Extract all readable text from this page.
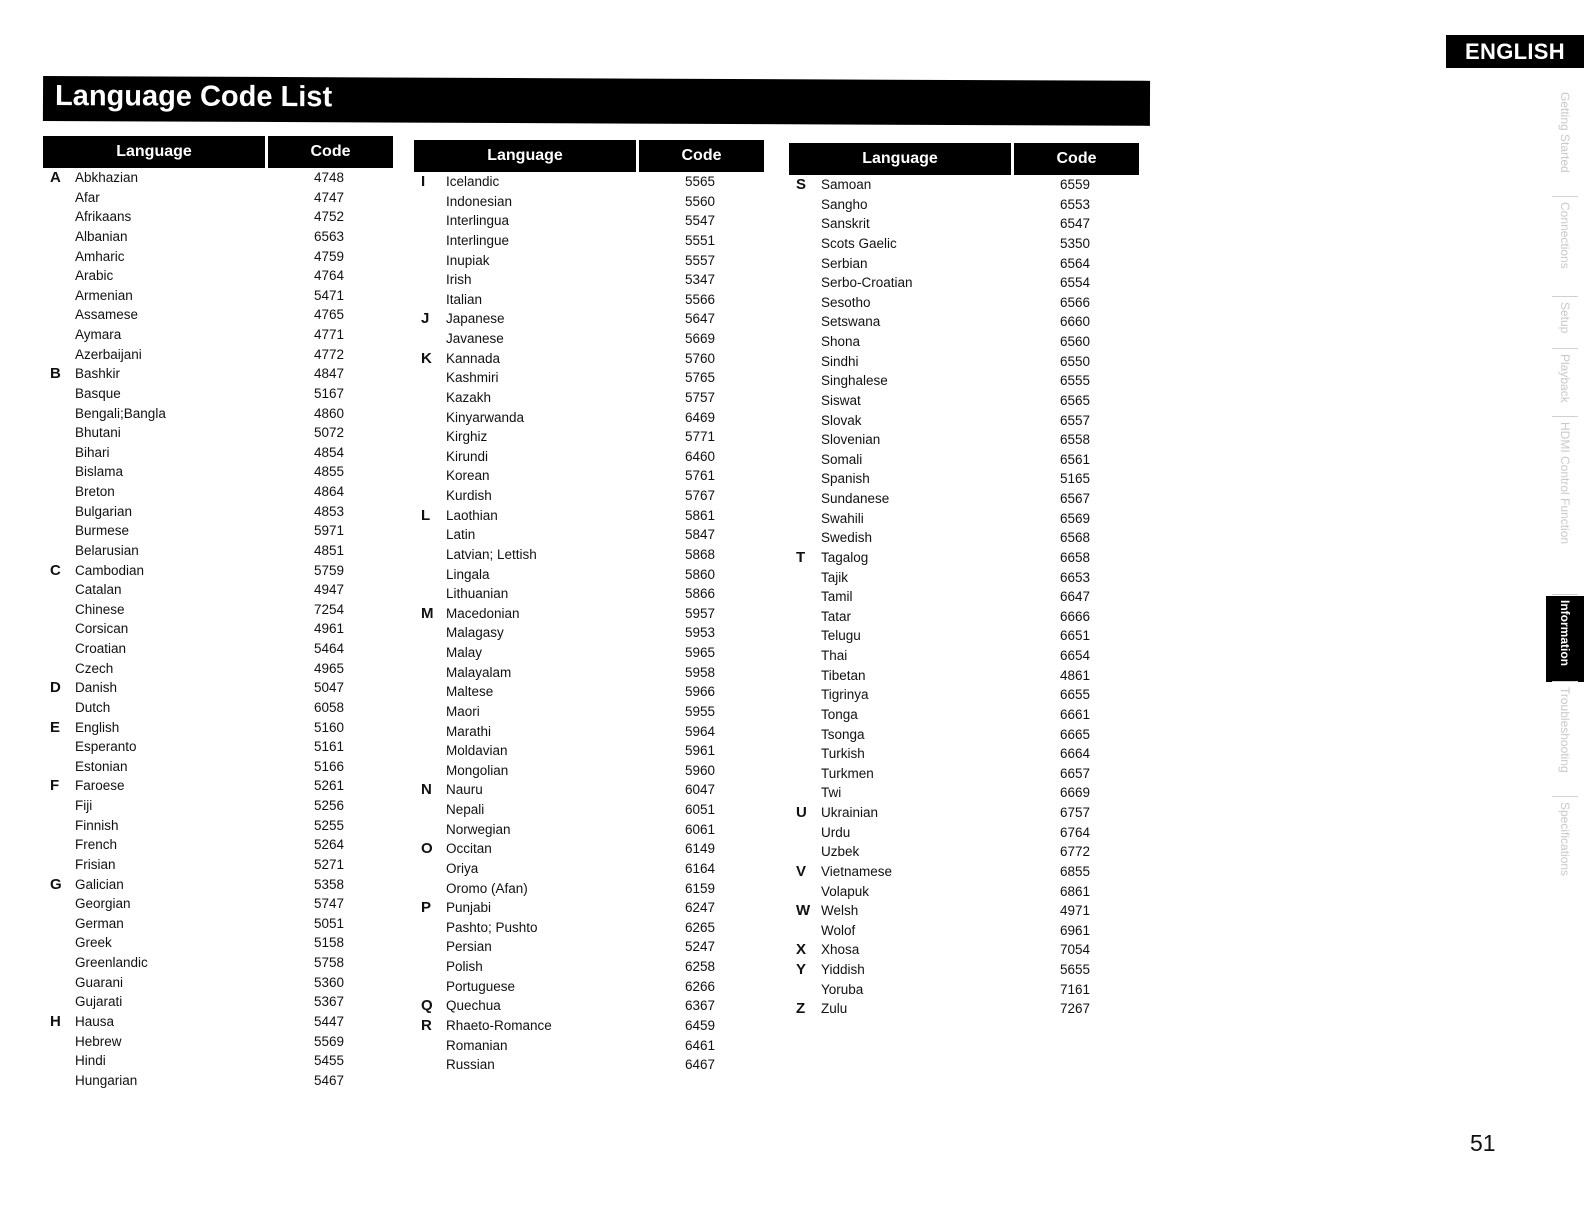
ENGLISH
Language Code List
Language	Code
A	Abkhazian	4748
Afar	4747
Afrikaans	4752
Albanian	6563
Amharic	4759
Arabic	4764
Armenian	5471
Assamese	4765
Aymara	4771
Azerbaijani	4772
B	Bashkir	4847
Basque	5167
Bengali;Bangla	4860
Bhutani	5072
Bihari	4854
Bislama	4855
Breton	4864
Bulgarian	4853
Burmese	5971
Belarusian	4851
C	Cambodian	5759
Catalan	4947
Chinese	7254
Corsican	4961
Croatian	5464
Czech	4965
D	Danish	5047
Dutch	6058
E	English	5160
Esperanto	5161
Estonian	5166
F	Faroese	5261
Fiji	5256
Finnish	5255
French	5264
Frisian	5271
G Galician	5358
Georgian	5747
German	5051
Greek	5158
Greenlandic	5758
Guarani	5360
Gujarati	5367
H	Hausa	5447
Hebrew	5569
Hindi	5455
Hungarian	5467
Language	Code
I	Icelandic	5565
Indonesian	5560
Interlingua	5547
Interlingue	5551
Inupiak	5557
Irish	5347
Italian	5566
J	Japanese	5647
Javanese	5669
K	Kannada	5760
Kashmiri	5765
Kazakh	5757
Kinyarwanda	6469
Kirghiz	5771
Kirundi	6460
Korean	5761
Kurdish	5767
L	Laothian	5861
Latin	5847
Latvian; Lettish	5868
Lingala	5860
Lithuanian	5866
M Macedonian	5957
Malagasy	5953
Malay	5965
Malayalam	5958
Maltese	5966
Maori	5955
Marathi	5964
Moldavian	5961
Mongolian	5960
N	Nauru	6047
Nepali	6051
Norwegian	6061
O Occitan	6149
Oriya	6164
Oromo (Afan)	6159
P	Punjabi	6247
Pashto; Pushto	6265
Persian	5247
Polish	6258
Portuguese	6266
Q Quechua	6367
R	Rhaeto-Romance	6459
Romanian	6461
Russian	6467
Language	Code
S	Samoan	6559
Sangho	6553
Sanskrit	6547
Scots Gaelic	5350
Serbian	6564
Serbo-Croatian	6554
Sesotho	6566
Setswana	6660
Shona	6560
Sindhi	6550
Singhalese	6555
Siswat	6565
Slovak	6557
Slovenian	6558
Somali	6561
Spanish	5165
Sundanese	6567
Swahili	6569
Swedish	6568
T	Tagalog	6658
Tajik	6653
Tamil	6647
Tatar	6666
Telugu	6651
Thai	6654
Tibetan	4861
Tigrinya	6655
Tonga	6661
Tsonga	6665
Turkish	6664
Turkmen	6657
Twi	6669
U	Ukrainian	6757
Urdu	6764
Uzbek	6772
V	Vietnamese	6855
Volapuk	6861
W Welsh	4971
Wolof	6961
X	Xhosa	7054
Y	Yiddish	5655
Yoruba	7161
Z	Zulu	7267
Getting Started
Connections
Setup
Playback
HDMI Control Function
Information
Troubleshooting
Specifications
51
